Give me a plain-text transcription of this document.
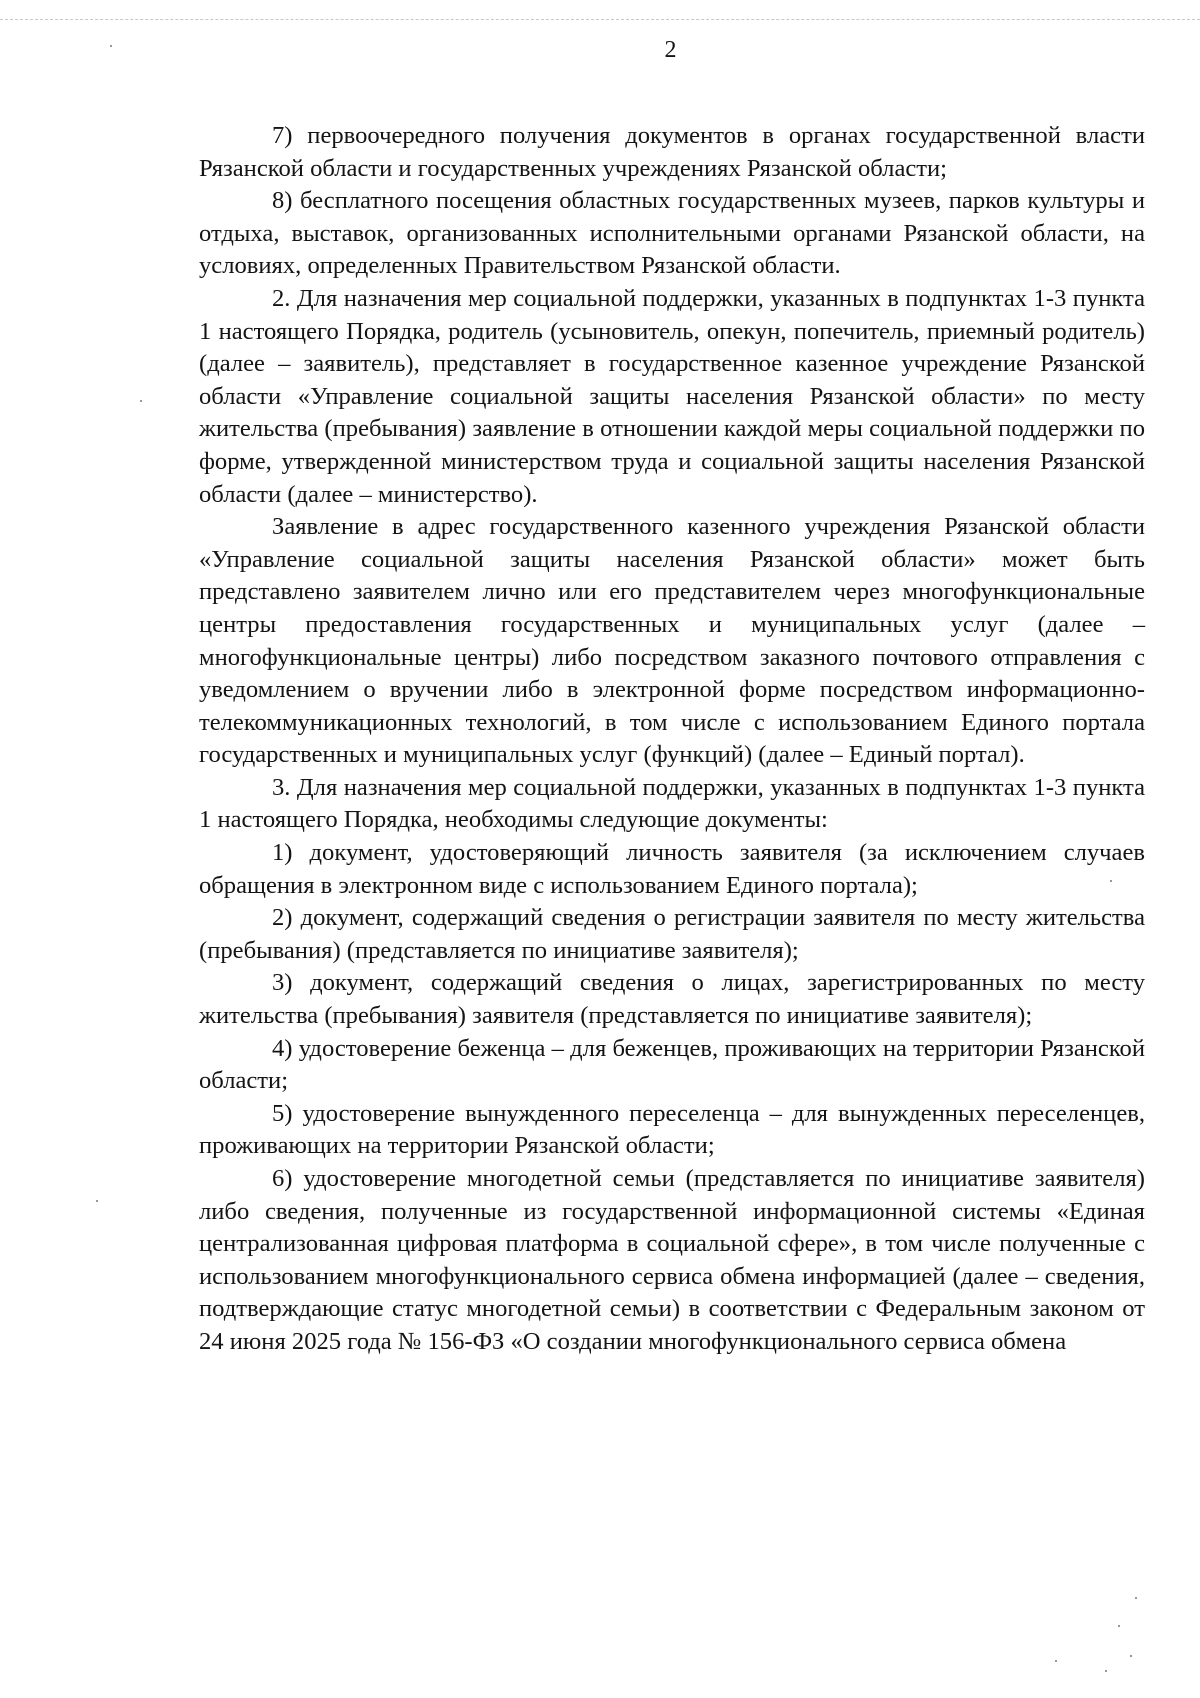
2

7) первоочередного получения документов в органах государственной власти Рязанской области и государственных учреждениях Рязанской области;

8) бесплатного посещения областных государственных музеев, парков культуры и отдыха, выставок, организованных исполнительными органами Рязанской области, на условиях, определенных Правительством Рязанской области.

2. Для назначения мер социальной поддержки, указанных в подпунктах 1-3 пункта 1 настоящего Порядка, родитель (усыновитель, опекун, попечитель, приемный родитель) (далее – заявитель), представляет в государственное казенное учреждение Рязанской области «Управление социальной защиты населения Рязанской области» по месту жительства (пребывания) заявление в отношении каждой меры социальной поддержки по форме, утвержденной министерством труда и социальной защиты населения Рязанской области (далее – министерство).

Заявление в адрес государственного казенного учреждения Рязанской области «Управление социальной защиты населения Рязанской области» может быть представлено заявителем лично или его представителем через многофункциональные центры предоставления государственных и муниципальных услуг (далее – многофункциональные центры) либо посредством заказного почтового отправления с уведомлением о вручении либо в электронной форме посредством информационно-телекоммуникационных технологий, в том числе с использованием Единого портала государственных и муниципальных услуг (функций) (далее – Единый портал).

3. Для назначения мер социальной поддержки, указанных в подпунктах 1-3 пункта 1 настоящего Порядка, необходимы следующие документы:

1) документ, удостоверяющий личность заявителя (за исключением случаев обращения в электронном виде с использованием Единого портала);

2) документ, содержащий сведения о регистрации заявителя по месту жительства (пребывания) (представляется по инициативе заявителя);

3) документ, содержащий сведения о лицах, зарегистрированных по месту жительства (пребывания) заявителя (представляется по инициативе заявителя);

4) удостоверение беженца – для беженцев, проживающих на территории Рязанской области;

5) удостоверение вынужденного переселенца – для вынужденных переселенцев, проживающих на территории Рязанской области;

6) удостоверение многодетной семьи (представляется по инициативе заявителя) либо сведения, полученные из государственной информационной системы «Единая централизованная цифровая платформа в социальной сфере», в том числе полученные с использованием многофункционального сервиса обмена информацией (далее – сведения, подтверждающие статус многодетной семьи) в соответствии с Федеральным законом от 24 июня 2025 года № 156-ФЗ «О создании многофункционального сервиса обмена
